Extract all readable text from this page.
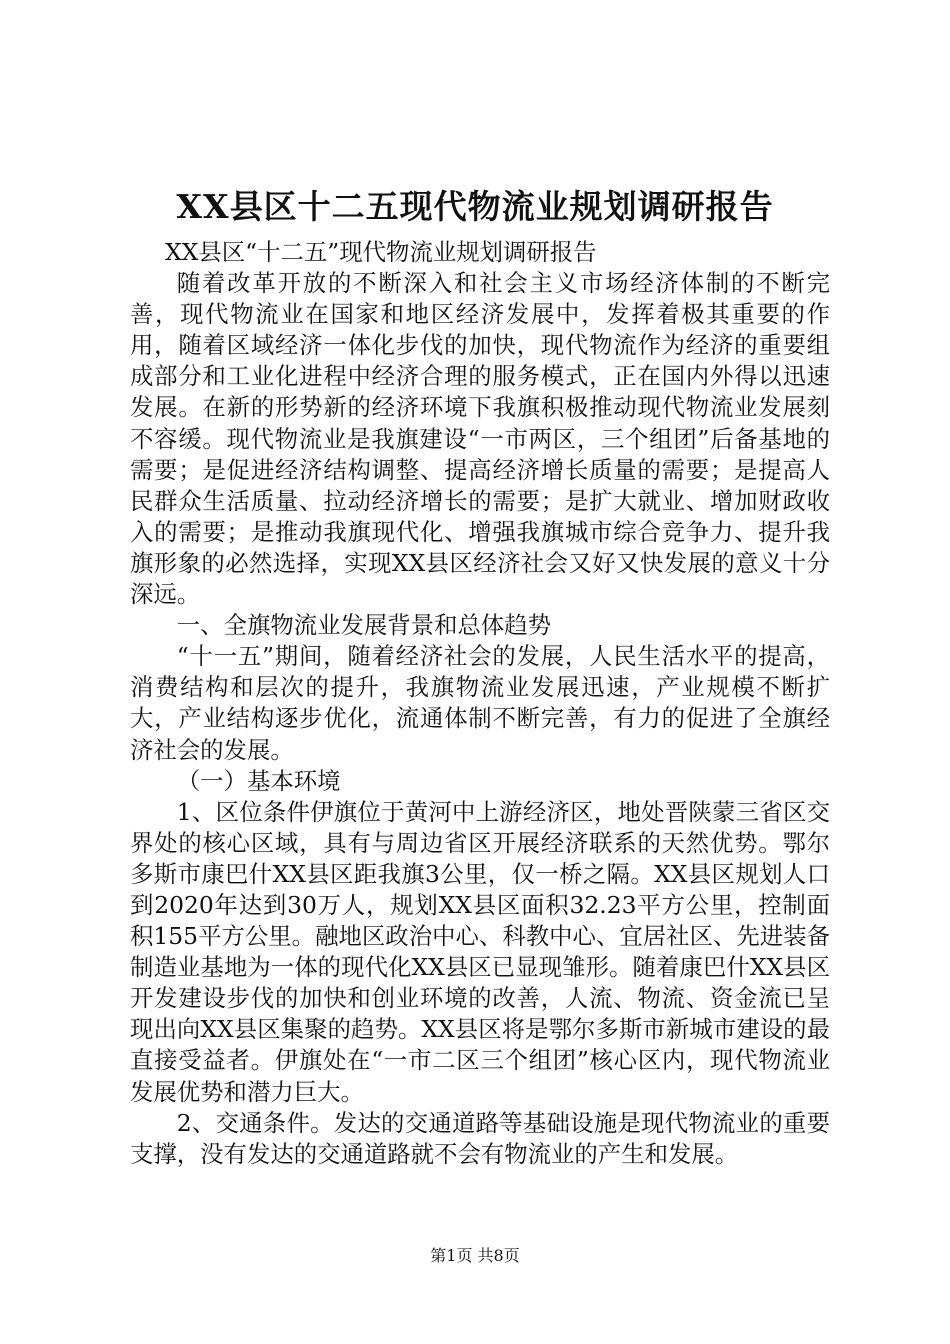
XX县区十二五现代物流业规划调研报告

XX县区“十二五”现代物流业规划调研报告

随着改革开放的不断深入和社会主义市场经济体制的不断完善，现代物流业在国家和地区经济发展中，发挥着极其重要的作用，随着区域经济一体化步伐的加快，现代物流作为经济的重要组成部分和工业化进程中经济合理的服务模式，正在国内外得以迅速发展。在新的形势新的经济环境下我旗积极推动现代物流业发展刻不容缓。现代物流业是我旗建设“一市两区，三个组团”后备基地的需要；是促进经济结构调整、提高经济增长质量的需要；是提高人民群众生活质量、拉动经济增长的需要；是扩大就业、增加财政收入的需要；是推动我旗现代化、增强我旗城市综合竞争力、提升我旗形象的必然选择，实现XX县区经济社会又好又快发展的意义十分深远。

一、全旗物流业发展背景和总体趋势

“十一五”期间，随着经济社会的发展，人民生活水平的提高，消费结构和层次的提升，我旗物流业发展迅速，产业规模不断扩大，产业结构逐步优化，流通体制不断完善，有力的促进了全旗经济社会的发展。

（一）基本环境

1、区位条件伊旗位于黄河中上游经济区，地处晋陕蒙三省区交界处的核心区域，具有与周边省区开展经济联系的天然优势。鄂尔多斯市康巴什XX县区距我旗3公里，仅一桥之隔。XX县区规划人口到2020年达到30万人，规划XX县区面积32.23平方公里，控制面积155平方公里。融地区政治中心、科教中心、宜居社区、先进装备制造业基地为一体的现代化XX县区已显现雏形。随着康巴什XX县区开发建设步伐的加快和创业环境的改善，人流、物流、资金流已呈现出向XX县区集聚的趋势。XX县区将是鄂尔多斯市新城市建设的最直接受益者。伊旗处在“一市二区三个组团”核心区内，现代物流业发展优势和潜力巨大。

2、交通条件。发达的交通道路等基础设施是现代物流业的重要支撑，没有发达的交通道路就不会有物流业的产生和发展。

第1页 共8页
